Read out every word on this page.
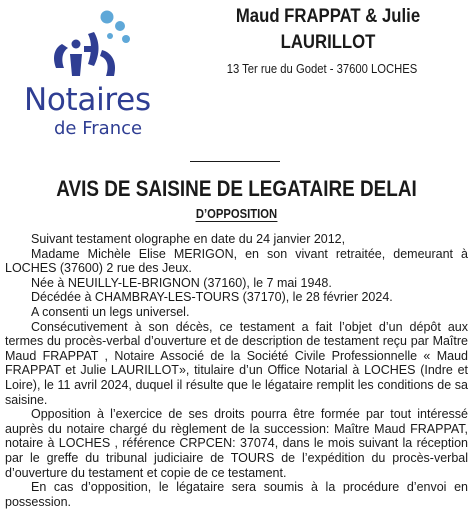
Notaires
de France
Maud FRAPPAT & Julie LAURILLOT
13 Ter rue du Godet - 37600 LOCHES
AVIS DE SAISINE DE LEGATAIRE DELAI
D’OPPOSITION

Suivant testament olographe en date du 24 janvier 2012,

Madame Michèle Elise MERIGON, en son vivant retraitée, demeurant à LOCHES (37600) 2 rue des Jeux.

Née à NEUILLY-LE-BRIGNON (37160), le 7 mai 1948.

Décédée à CHAMBRAY-LES-TOURS (37170), le 28 février 2024.

A consenti un legs universel.

Consécutivement à son décès, ce testament a fait l’objet d’un dépôt aux termes du procès-verbal d’ouverture et de description de testament reçu par Maître Maud FRAPPAT , Notaire Associé de la Société Civile Professionnelle « Maud FRAPPAT et Julie LAURILLOT», titulaire d’un Office Notarial à LOCHES (Indre et Loire), le 11 avril 2024, duquel il résulte que le légataire remplit les conditions de sa saisine.

Opposition à l’exercice de ses droits pourra être formée par tout intéressé auprès du notaire chargé du règlement de la succession: Maître Maud FRAPPAT, notaire à LOCHES , référence CRPCEN: 37074, dans le mois suivant la réception par le greffe du tribunal judiciaire de TOURS de l’expédition du procès-verbal d’ouverture du testament et copie de ce testament.

En cas d’opposition, le légataire sera soumis à la procédure d’envoi en possession.
